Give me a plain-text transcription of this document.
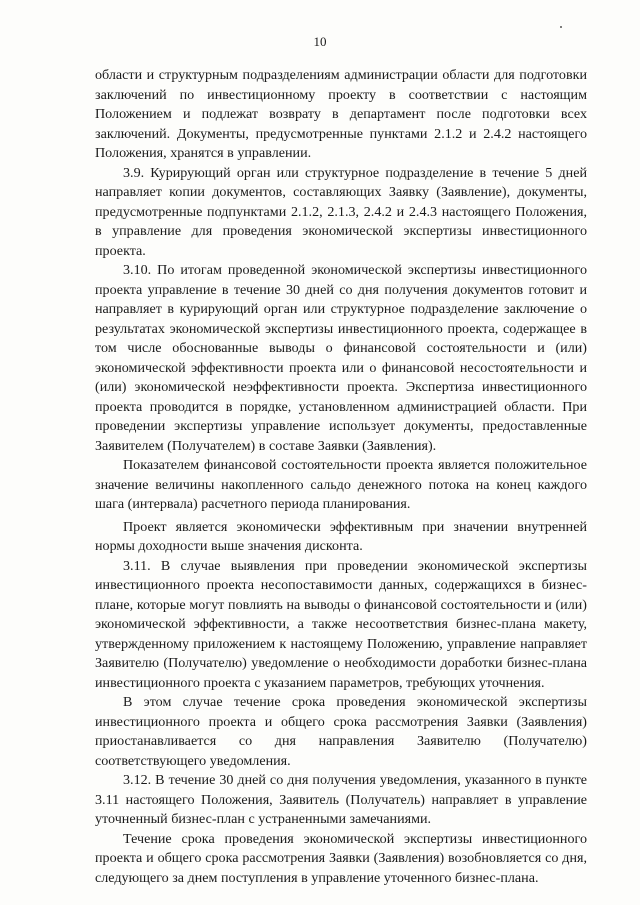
10

области и структурным подразделениям администрации области для подготовки заключений по инвестиционному проекту в соответствии с настоящим Положением и подлежат возврату в департамент после подготовки всех заключений. Документы, предусмотренные пунктами 2.1.2 и 2.4.2 настоящего Положения, хранятся в управлении.

3.9. Курирующий орган или структурное подразделение в течение 5 дней направляет копии документов, составляющих Заявку (Заявление), документы, предусмотренные подпунктами 2.1.2, 2.1.3, 2.4.2 и 2.4.3 настоящего Положения, в управление для проведения экономической экспертизы инвестиционного проекта.

3.10. По итогам проведенной экономической экспертизы инвестиционного проекта управление в течение 30 дней со дня получения документов готовит и направляет в курирующий орган или структурное подразделение заключение о результатах экономической экспертизы инвестиционного проекта, содержащее в том числе обоснованные выводы о финансовой состоятельности и (или) экономической эффективности проекта или о финансовой несостоятельности и (или) экономической неэффективности проекта. Экспертиза инвестиционного проекта проводится в порядке, установленном администрацией области. При проведении экспертизы управление использует документы, предоставленные Заявителем (Получателем) в составе Заявки (Заявления).

Показателем финансовой состоятельности проекта является положительное значение величины накопленного сальдо денежного потока на конец каждого шага (интервала) расчетного периода планирования.

Проект является экономически эффективным при значении внутренней нормы доходности выше значения дисконта.

3.11. В случае выявления при проведении экономической экспертизы инвестиционного проекта несопоставимости данных, содержащихся в бизнес-плане, которые могут повлиять на выводы о финансовой состоятельности и (или) экономической эффективности, а также несоответствия бизнес-плана макету, утвержденному приложением к настоящему Положению, управление направляет Заявителю (Получателю) уведомление о необходимости доработки бизнес-плана инвестиционного проекта с указанием параметров, требующих уточнения.

В этом случае течение срока проведения экономической экспертизы инвестиционного проекта и общего срока рассмотрения Заявки (Заявления) приостанавливается со дня направления Заявителю (Получателю) соответствующего уведомления.

3.12. В течение 30 дней со дня получения уведомления, указанного в пункте 3.11 настоящего Положения, Заявитель (Получатель) направляет в управление уточненный бизнес-план с устраненными замечаниями.

Течение срока проведения экономической экспертизы инвестиционного проекта и общего срока рассмотрения Заявки (Заявления) возобновляется со дня, следующего за днем поступления в управление уточенного бизнес-плана.
